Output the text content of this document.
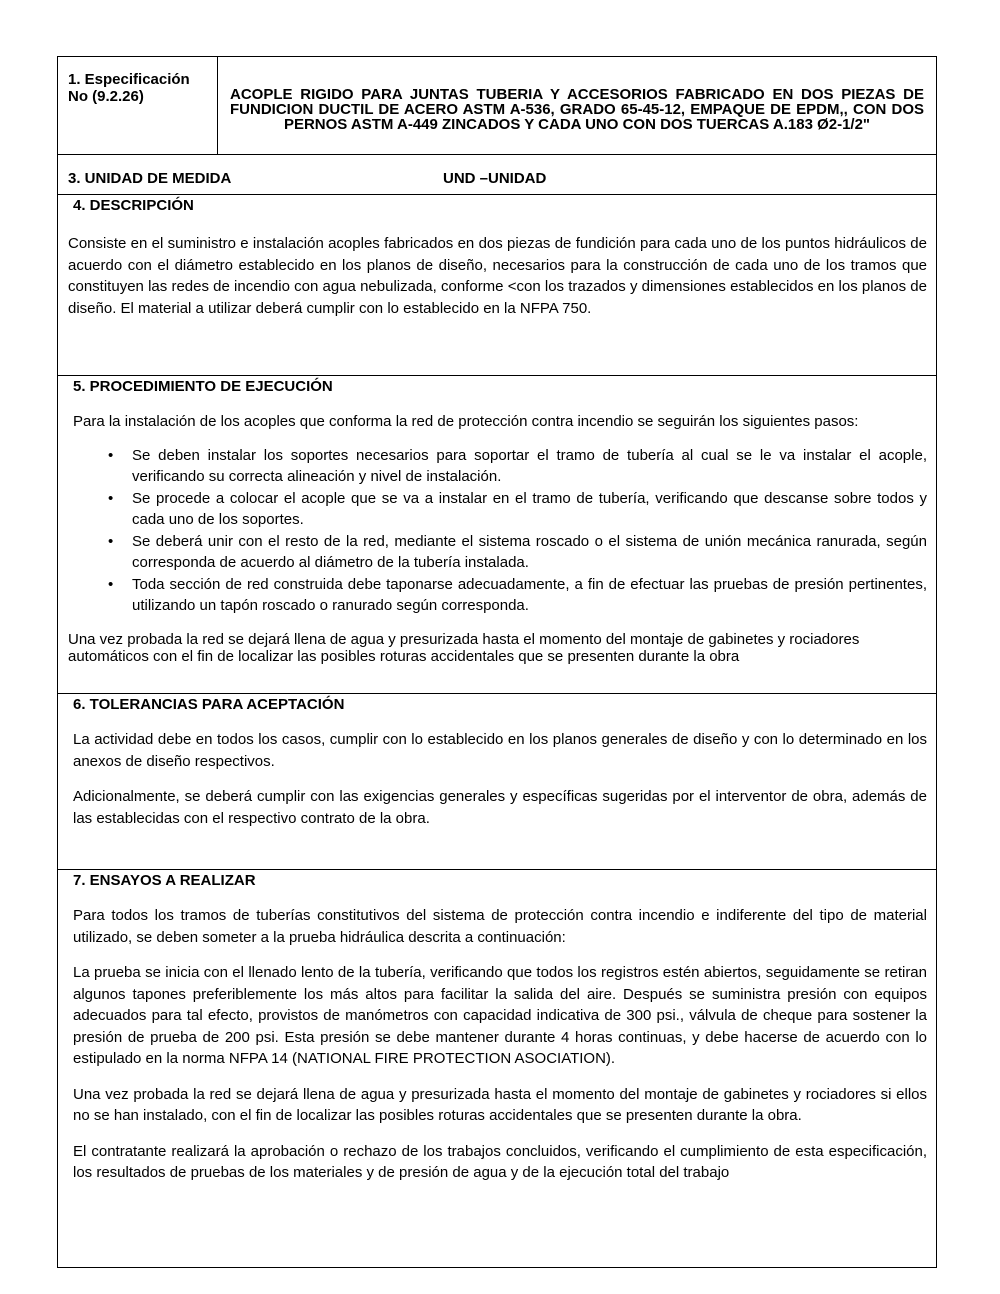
1. Especificación No (9.2.26)	ACOPLE RIGIDO PARA JUNTAS TUBERIA Y ACCESORIOS FABRICADO EN DOS PIEZAS DE FUNDICION DUCTIL DE ACERO ASTM A-536, GRADO 65-45-12, EMPAQUE DE EPDM,, CON DOS PERNOS ASTM A-449 ZINCADOS Y CADA UNO CON DOS TUERCAS A.183 Ø2-1/2"
3. UNIDAD DE MEDIDA	UND –UNIDAD
4. DESCRIPCIÓN

Consiste en el suministro e instalación acoples fabricados en dos piezas de fundición para cada uno de los puntos hidráulicos de acuerdo con el diámetro establecido en los planos de diseño, necesarios para la construcción de cada uno de los tramos que constituyen las redes de incendio con agua nebulizada, conforme <con los trazados y dimensiones establecidos en los planos de diseño. El material a utilizar deberá cumplir con lo establecido en la NFPA 750.

5. PROCEDIMIENTO DE EJECUCIÓN

Para la instalación de los acoples que conforma la red de protección contra incendio se seguirán los siguientes pasos:

• Se deben instalar los soportes necesarios para soportar el tramo de tubería al cual se le va instalar el acople, verificando su correcta alineación y nivel de instalación.
• Se procede a colocar el acople que se va a instalar en el tramo de tubería, verificando que descanse sobre todos y cada uno de los soportes.
• Se deberá unir con el resto de la red, mediante el sistema roscado o el sistema de unión mecánica ranurada, según corresponda de acuerdo al diámetro de la tubería instalada.
• Toda sección de red construida debe taponarse adecuadamente, a fin de efectuar las pruebas de presión pertinentes, utilizando un tapón roscado o ranurado según corresponda.

Una vez probada la red se dejará llena de agua y presurizada hasta el momento del montaje de gabinetes y rociadores automáticos con el fin de localizar las posibles roturas accidentales que se presenten durante la obra

6. TOLERANCIAS PARA ACEPTACIÓN

La actividad debe en todos los casos, cumplir con lo establecido en los planos generales de diseño y con lo determinado en los anexos de diseño respectivos.

Adicionalmente, se deberá cumplir con las exigencias generales y específicas sugeridas por el interventor de obra, además de las establecidas con el respectivo contrato de la obra.

7. ENSAYOS A REALIZAR

Para todos los tramos de tuberías constitutivos del sistema de protección contra incendio e indiferente del tipo de material utilizado, se deben someter a la prueba hidráulica descrita a continuación:

La prueba se inicia con el llenado lento de la tubería, verificando que todos los registros estén abiertos, seguidamente se retiran algunos tapones preferiblemente los más altos para facilitar la salida del aire. Después se suministra presión con equipos adecuados para tal efecto, provistos de manómetros con capacidad indicativa de 300 psi., válvula de cheque para sostener la presión de prueba de 200 psi. Esta presión se debe mantener durante 4 horas continuas, y debe hacerse de acuerdo con lo estipulado en la norma NFPA 14 (NATIONAL FIRE PROTECTION ASOCIATION).

Una vez probada la red se dejará llena de agua y presurizada hasta el momento del montaje de gabinetes y rociadores si ellos no se han instalado, con el fin de localizar las posibles roturas accidentales que se presenten durante la obra.

El contratante realizará la aprobación o rechazo de los trabajos concluidos, verificando el cumplimiento de esta especificación, los resultados de pruebas de los materiales y de presión de agua y de la ejecución total del trabajo
